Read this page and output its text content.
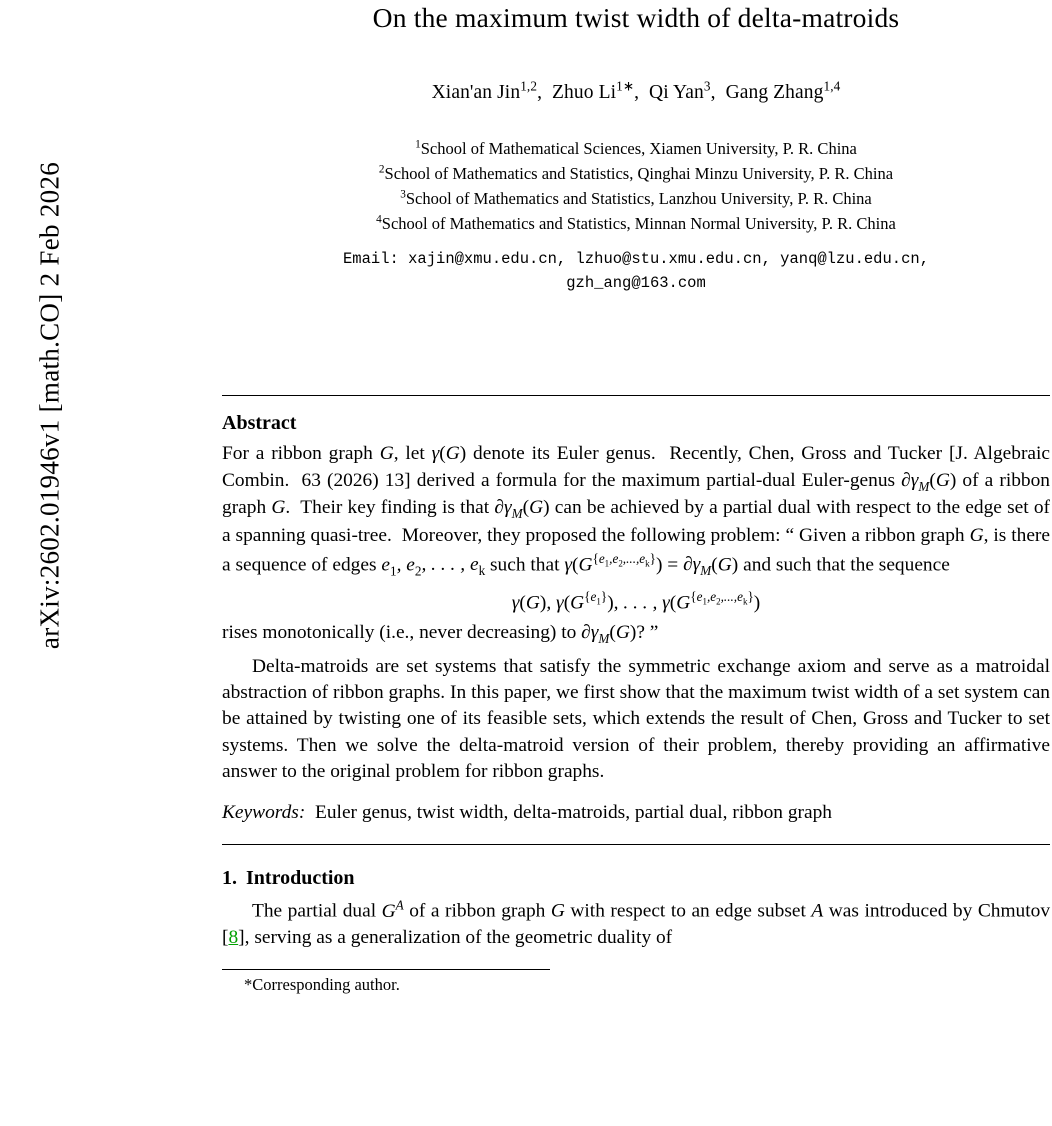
arXiv:2602.01946v1 [math.CO] 2 Feb 2026
On the maximum twist width of delta-matroids
Xian'an Jin$^{1,2}$, Zhuo $Li^{1∗}$, Qi Yan$^3$, Gang Zhang$^{1,4}$
$^1$School of Mathematical Sciences, Xiamen University, P. R. China
$^2$School of Mathematics and Statistics, Qinghai Minzu University, P. R. China
$^3$School of Mathematics and Statistics, Lanzhou University, P. R. China
$^4$School of Mathematics and Statistics, Minnan Normal University, P. R. China
Email: xajin@xmu.edu.cn, lzhuo@stu.xmu.edu.cn, yanq@lzu.edu.cn,
gzh_ang@163.com
Abstract

For a ribbon graph G, let γ(G) denote its Euler genus.  Recently, Chen, Gross and Tucker [J. Algebraic Combin.  63 (2026) 13] derived a formula for the maximum partial-dual Euler-genus $\partial\gamma_M(G)$ of a ribbon graph G.  Their key finding is that $\partial\gamma_M(G)$ can be achieved by a partial dual with respect to the edge set of a spanning quasi-tree.  Moreover, they proposed the following problem: “ Given a ribbon graph G, is there a sequence of edges $e_1$, $e_2$, . . . , $e_k$ such that $\gamma(G^{\{e_1,e_2,...,e_k\}}) = \partial\gamma_M(G)$ and such that the sequence

γ(G), $\gamma(G^{\{e_1\}})$, . . . , $\gamma(G^{\{e_1,e_2,...,e_k\}})$

rises monotonically (i.e., never decreasing) to $\partial\gamma_M(G)$? ”

Delta-matroids are set systems that satisfy the symmetric exchange axiom and serve as a matroidal abstraction of ribbon graphs. In this paper, we first show that the maximum twist width of a set system can be attained by twisting one of its feasible sets, which extends the result of Chen, Gross and Tucker to set systems. Then we solve the delta-matroid version of their problem, thereby providing an affirmative answer to the original problem for ribbon graphs.

Keywords: Euler genus, twist width, delta-matroids, partial dual, ribbon graph
1. Introduction

The partial dual $G^A$ of a ribbon graph G with respect to an edge subset A was introduced by Chmutov [8], serving as a generalization of the geometric duality of

*Corresponding author.
